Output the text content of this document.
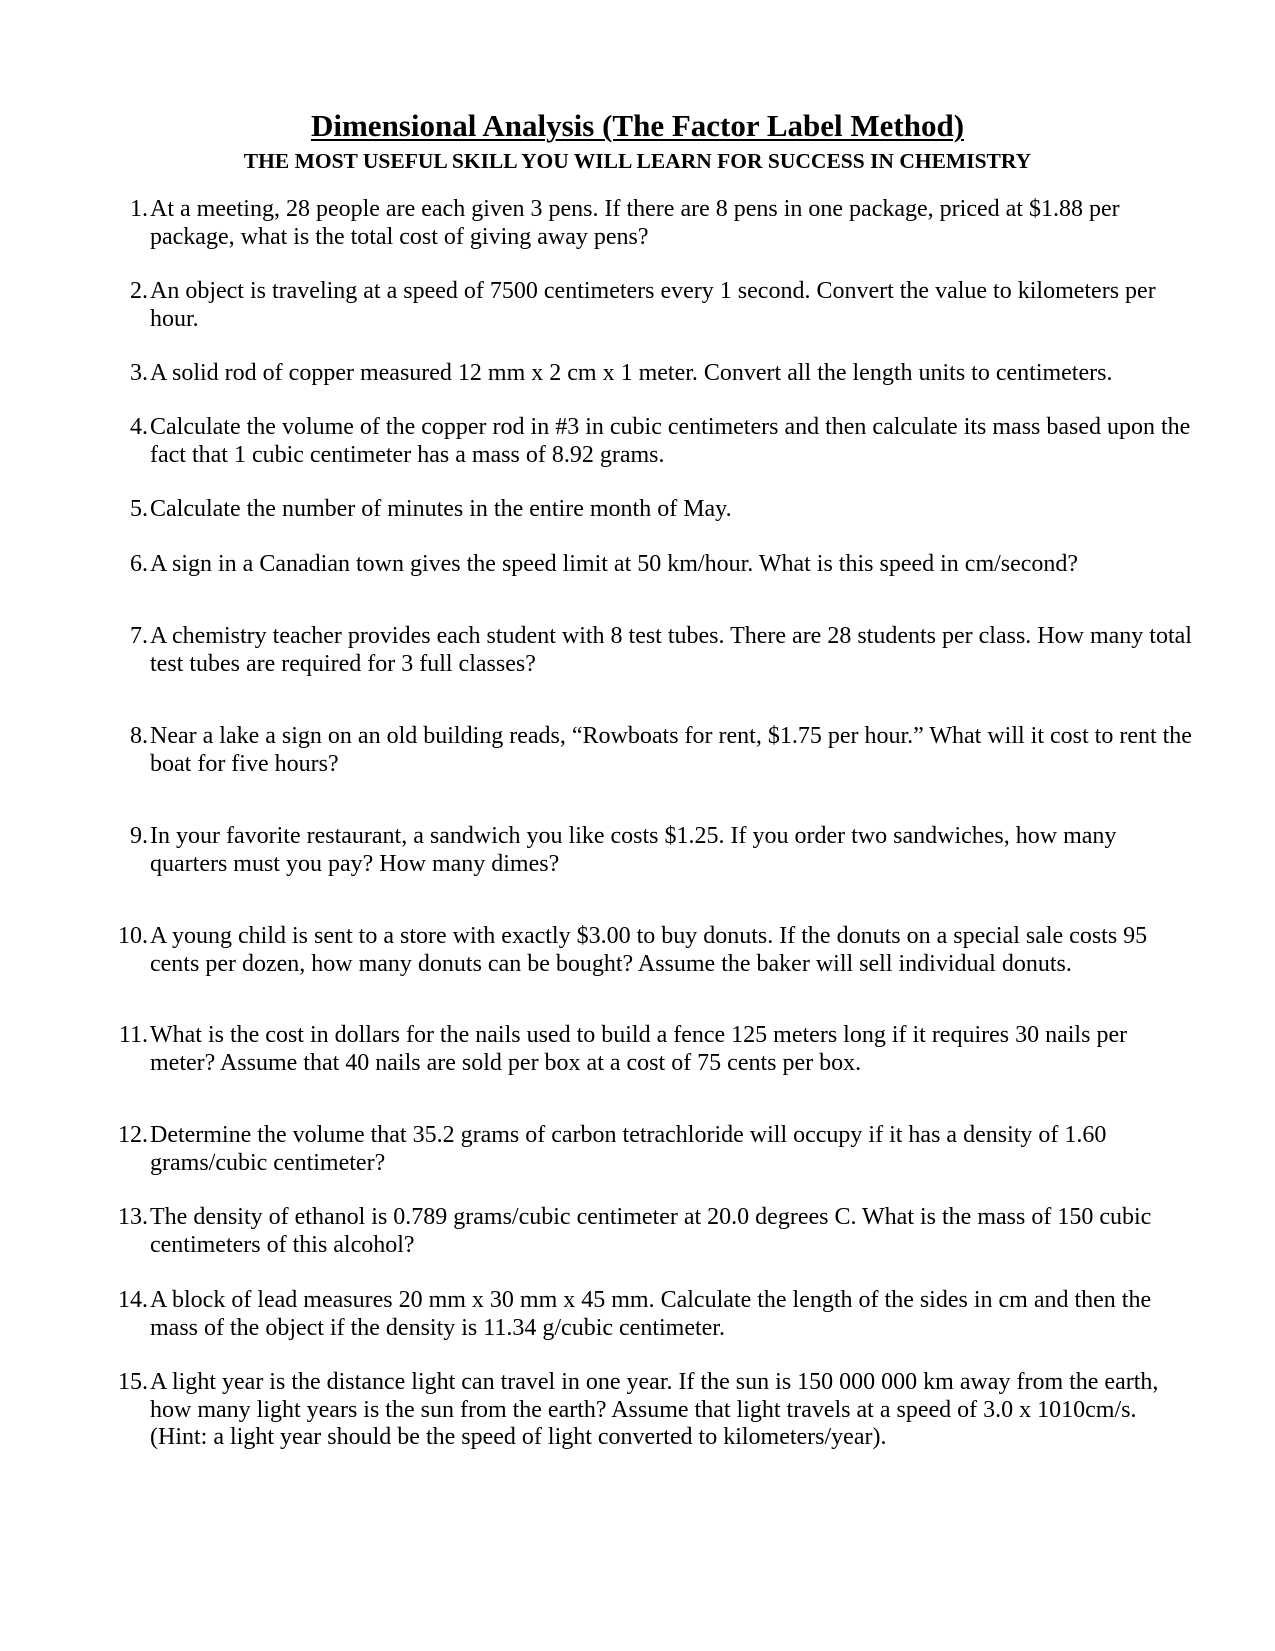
Dimensional Analysis (The Factor Label Method)
THE MOST USEFUL SKILL YOU WILL LEARN FOR SUCCESS IN CHEMISTRY
1. At a meeting, 28 people are each given 3 pens. If there are 8 pens in one package, priced at $1.88 per package, what is the total cost of giving away pens?
2. An object is traveling at a speed of 7500 centimeters every 1 second. Convert the value to kilometers per hour.
3. A solid rod of copper measured 12 mm x 2 cm x 1 meter. Convert all the length units to centimeters.
4. Calculate the volume of the copper rod in #3 in cubic centimeters and then calculate its mass based upon the fact that 1 cubic centimeter has a mass of 8.92 grams.
5. Calculate the number of minutes in the entire month of May.
6. A sign in a Canadian town gives the speed limit at 50 km/hour. What is this speed in cm/second?
7. A chemistry teacher provides each student with 8 test tubes. There are 28 students per class. How many total test tubes are required for 3 full classes?
8. Near a lake a sign on an old building reads, “Rowboats for rent, $1.75 per hour.” What will it cost to rent the boat for five hours?
9. In your favorite restaurant, a sandwich you like costs $1.25. If you order two sandwiches, how many quarters must you pay? How many dimes?
10. A young child is sent to a store with exactly $3.00 to buy donuts. If the donuts on a special sale costs 95 cents per dozen, how many donuts can be bought? Assume the baker will sell individual donuts.
11. What is the cost in dollars for the nails used to build a fence 125 meters long if it requires 30 nails per meter? Assume that 40 nails are sold per box at a cost of 75 cents per box.
12. Determine the volume that 35.2 grams of carbon tetrachloride will occupy if it has a density of 1.60 grams/cubic centimeter?
13. The density of ethanol is 0.789 grams/cubic centimeter at 20.0 degrees C. What is the mass of 150 cubic centimeters of this alcohol?
14. A block of lead measures 20 mm x 30 mm x 45 mm. Calculate the length of the sides in cm and then the mass of the object if the density is 11.34 g/cubic centimeter.
15. A light year is the distance light can travel in one year. If the sun is 150 000 000 km away from the earth, how many light years is the sun from the earth? Assume that light travels at a speed of 3.0 x 1010cm/s. (Hint: a light year should be the speed of light converted to kilometers/year).
